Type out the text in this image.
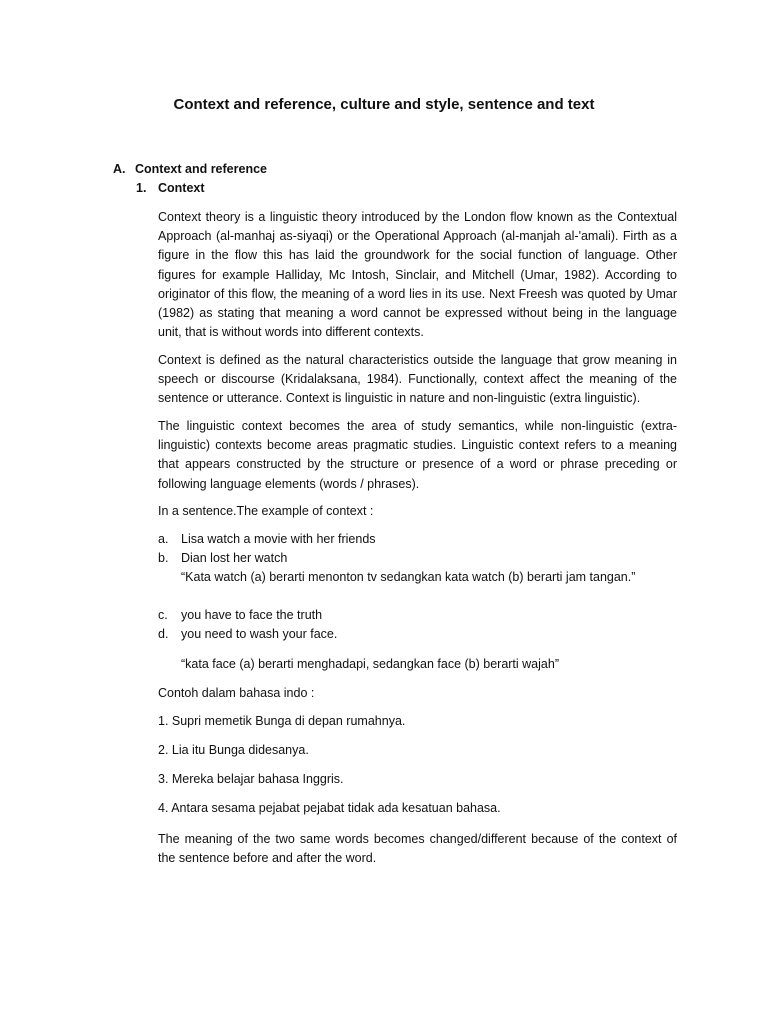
Context and reference, culture and style, sentence and text
A. Context and reference
1. Context

Context theory is a linguistic theory introduced by the London flow known as the Contextual Approach (al-manhaj as-siyaqi) or the Operational Approach (al-manjah al-'amali). Firth as a figure in the flow this has laid the groundwork for the social function of language. Other figures for example Halliday, Mc Intosh, Sinclair, and Mitchell (Umar, 1982). According to originator of this flow, the meaning of a word lies in its use. Next Freesh was quoted by Umar (1982) as stating that meaning a word cannot be expressed without being in the language unit, that is without words into different contexts.

Context is defined as the natural characteristics outside the language that grow meaning in speech or discourse (Kridalaksana, 1984). Functionally, context affect the meaning of the sentence or utterance. Context is linguistic in nature and non-linguistic (extra linguistic).

The linguistic context becomes the area of study semantics, while non-linguistic (extra-linguistic) contexts become areas pragmatic studies. Linguistic context refers to a meaning that appears constructed by the structure or presence of a word or phrase preceding or following language elements (words / phrases).

In a sentence.The example of context :
a. Lisa watch a movie with her friends
b. Dian lost her watch
“Kata watch (a) berarti menonton tv sedangkan kata watch (b) berarti jam tangan.”
c. you have to face the truth
d. you need to wash your face.
“kata face (a) berarti menghadapi, sedangkan face (b) berarti wajah”
Contoh dalam bahasa indo :
1. Supri memetik Bunga di depan rumahnya.
2. Lia itu Bunga didesanya.
3. Mereka belajar bahasa Inggris.
4. Antara sesama pejabat pejabat tidak ada kesatuan bahasa.

The meaning of the two same words becomes changed/different because of the context of the sentence before and after the word.
